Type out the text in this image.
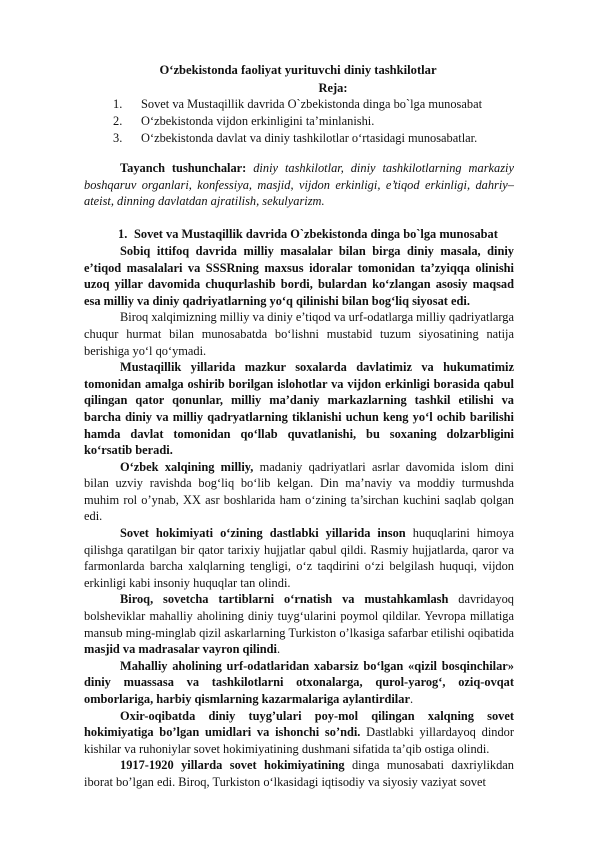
O‘zbekistonda faoliyat yurituvchi diniy tashkilotlar
Reja:
1. Sovet va Mustaqillik davrida O`zbekistonda dinga bo`lga munosabat
2. O‘zbekistonda vijdon erkinligini ta’minlanishi.
3. O‘zbekistonda davlat va diniy tashkilotlar o‘rtasidagi munosabatlar.

Tayanch tushunchalar: diniy tashkilotlar, diniy tashkilotlarning markaziy boshqaruv organlari, konfessiya, masjid, vijdon erkinligi, e’tiqod erkinligi, dahriy–ateist, dinning davlatdan ajratilish, sekulyarizm.

1. Sovet va Mustaqillik davrida O`zbekistonda dinga bo`lga munosabat

Sobiq ittifoq davrida milliy masalalar bilan birga diniy masala, diniy e’tiqod masalalari va SSSRning maxsus idoralar tomonidan ta’zyiqqa olinishi uzoq yillar davomida chuqurlashib bordi, bulardan ko‘zlangan asosiy maqsad esa milliy va diniy qadriyatlarning yo‘q qilinishi bilan bog‘liq siyosat edi.

Biroq xalqimizning milliy va diniy e’tiqod va urf-odatlarga milliy qadriyatlarga chuqur hurmat bilan munosabatda bo‘lishni mustabid tuzum siyosatining natija berishiga yo‘l qo‘ymadi.

Mustaqillik yillarida mazkur soxalarda davlatimiz va hukumatimiz tomonidan amalga oshirib borilgan islohotlar va vijdon erkinligi borasida qabul qilingan qator qonunlar, milliy ma’daniy markazlarning tashkil etilishi va barcha diniy va milliy qadryatlarning tiklanishi uchun keng yo‘l ochib barilishi hamda davlat tomonidan qo‘llab quvatlanishi, bu soxaning dolzarbligini ko‘rsatib beradi.

O‘zbek xalqining milliy, madaniy qadriyatlari asrlar davomida islom dini bilan uzviy ravishda bog‘liq bo‘lib kelgan. Din ma’naviy va moddiy turmushda muhim rol o’ynab, XX asr boshlarida ham o‘zining ta’sirchan kuchini saqlab qolgan edi.

Sovet hokimiyati o‘zining dastlabki yillarida inson huquqlarini himoya qilishga qaratilgan bir qator tarixiy hujjatlar qabul qildi. Rasmiy hujjatlarda, qaror va farmonlarda barcha xalqlarning tengligi, o‘z taqdirini o‘zi belgilash huquqi, vijdon erkinligi kabi insoniy huquqlar tan olindi.

Biroq, sovetcha tartiblarni o‘rnatish va mustahkamlash davridayoq bolsheviklar mahalliy aholining diniy tuyg‘ularini poymol qildilar. Yevropa millatiga mansub ming-minglab qizil askarlarning Turkiston o’lkasiga safarbar etilishi oqibatida masjid va madrasalar vayron qilindi.

Mahalliy aholining urf-odatlaridan xabarsiz bo‘lgan «qizil bosqinchilar» diniy muassasa va tashkilotlarni otxonalarga, qurol-yarog‘, oziq-ovqat omborlariga, harbiy qismlarning kazarmalariga aylantirdilar.

Oxir-oqibatda diniy tuyg’ulari poy-mol qilingan xalqning sovet hokimiyatiga bo’lgan umidlari va ishonchi so’ndi. Dastlabki yillardayoq dindor kishilar va ruhoniylar sovet hokimiyatining dushmani sifatida ta’qib ostiga olindi.

1917-1920 yillarda sovet hokimiyatining dinga munosabati daxriylikdan iborat bo’lgan edi. Biroq, Turkiston o‘lkasidagi iqtisodiy va siyosiy vaziyat sovet
